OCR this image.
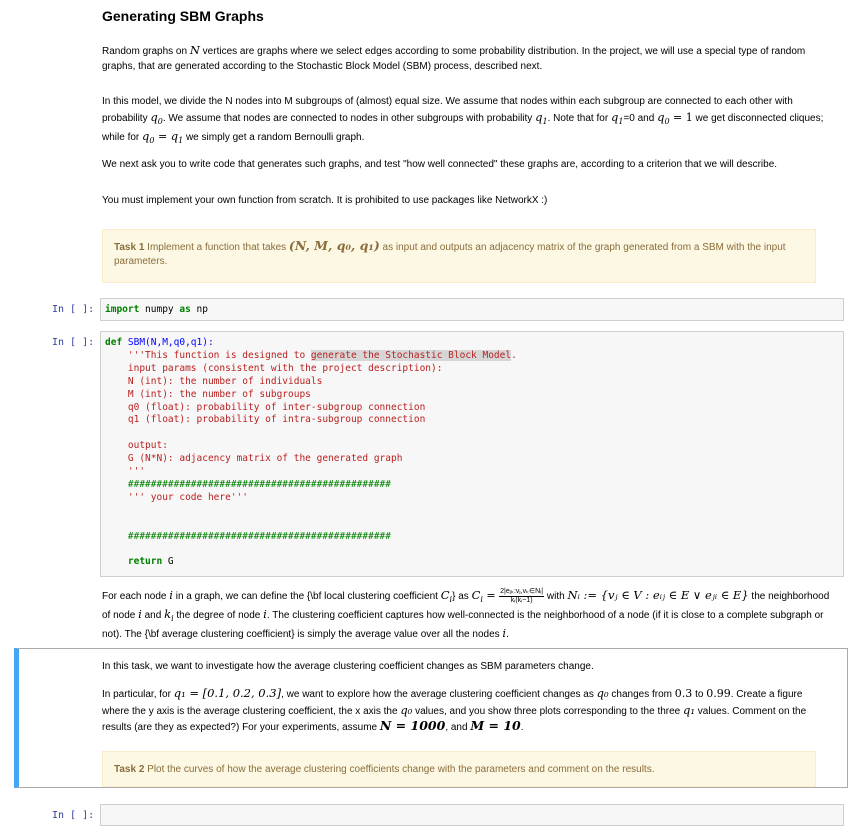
Generating SBM Graphs

Random graphs on N vertices are graphs where we select edges according to some probability distribution. In the project, we will use a special type of random graphs, that are generated according to the Stochastic Block Model (SBM) process, described next.

In this model, we divide the N nodes into M subgroups of (almost) equal size. We assume that nodes within each subgroup are connected to each other with probability $q_0$. We assume that nodes are connected to nodes in other subgroups with probability $q_1$. Note that for $q_1=0$ and $q_0 = 1$ we get disconnected cliques; while for $q_0 = q_1$ we simply get a random Bernoulli graph.

We next ask you to write code that generates such graphs, and test "how well connected" these graphs are, according to a criterion that we will describe.

You must implement your own function from scratch. It is prohibited to use packages like NetworkX :)

Task 1 Implement a function that takes (N, M, q₀, q₁) as input and outputs an adjacency matrix of the graph generated from a SBM with the input parameters.
In [ ]:	import numpy as np
In [ ]:	def SBM(N,M,q0,q1):
'''This function is designed to generate the Stochastic Block Model.
input params (consistent with the project description):
N (int): the number of individuals
M (int): the number of subgroups
q0 (float): probability of inter-subgroup connection
q1 (float): probability of intra-subgroup connection

output:
G (N*N): adjacency matrix of the generated graph
'''
##############################################
''' your code here'''

##############################################

return G

For each node i in a graph, we can define the {\bf local clustering coefficient $C_i$} as $C_i = \frac{\text{2|eⱼₖ:vⱼ,vₖ∈Nᵢ|}}{\text{kᵢ(kᵢ−1)}}$ with Nᵢ := {vⱼ ∈ V : eᵢⱼ ∈ E ∨ eⱼᵢ ∈ E} the neighborhood of node i and $k_i$ the degree of node i. The clustering coefficient captures how well-connected is the neighborhood of a node (if it is close to a complete subgraph or not). The {\bf average clustering coefficient} is simply the average value over all the nodes i.

In this task, we want to investigate how the average clustering coefficient changes as SBM parameters change.

In particular, for q₁ = [0.1, 0.2, 0.3], we want to explore how the average clustering coefficient changes as q₀ changes from 0.3 to 0.99. Create a figure where the y axis is the average clustering coefficient, the x axis the q₀ values, and you show three plots corresponding to the three q₁ values. Comment on the results (are they as expected?) For your experiments, assume N = 1000, and M = 10.

Task 2 Plot the curves of how the average clustering coefficients change with the parameters and comment on the results.
In [ ]:
